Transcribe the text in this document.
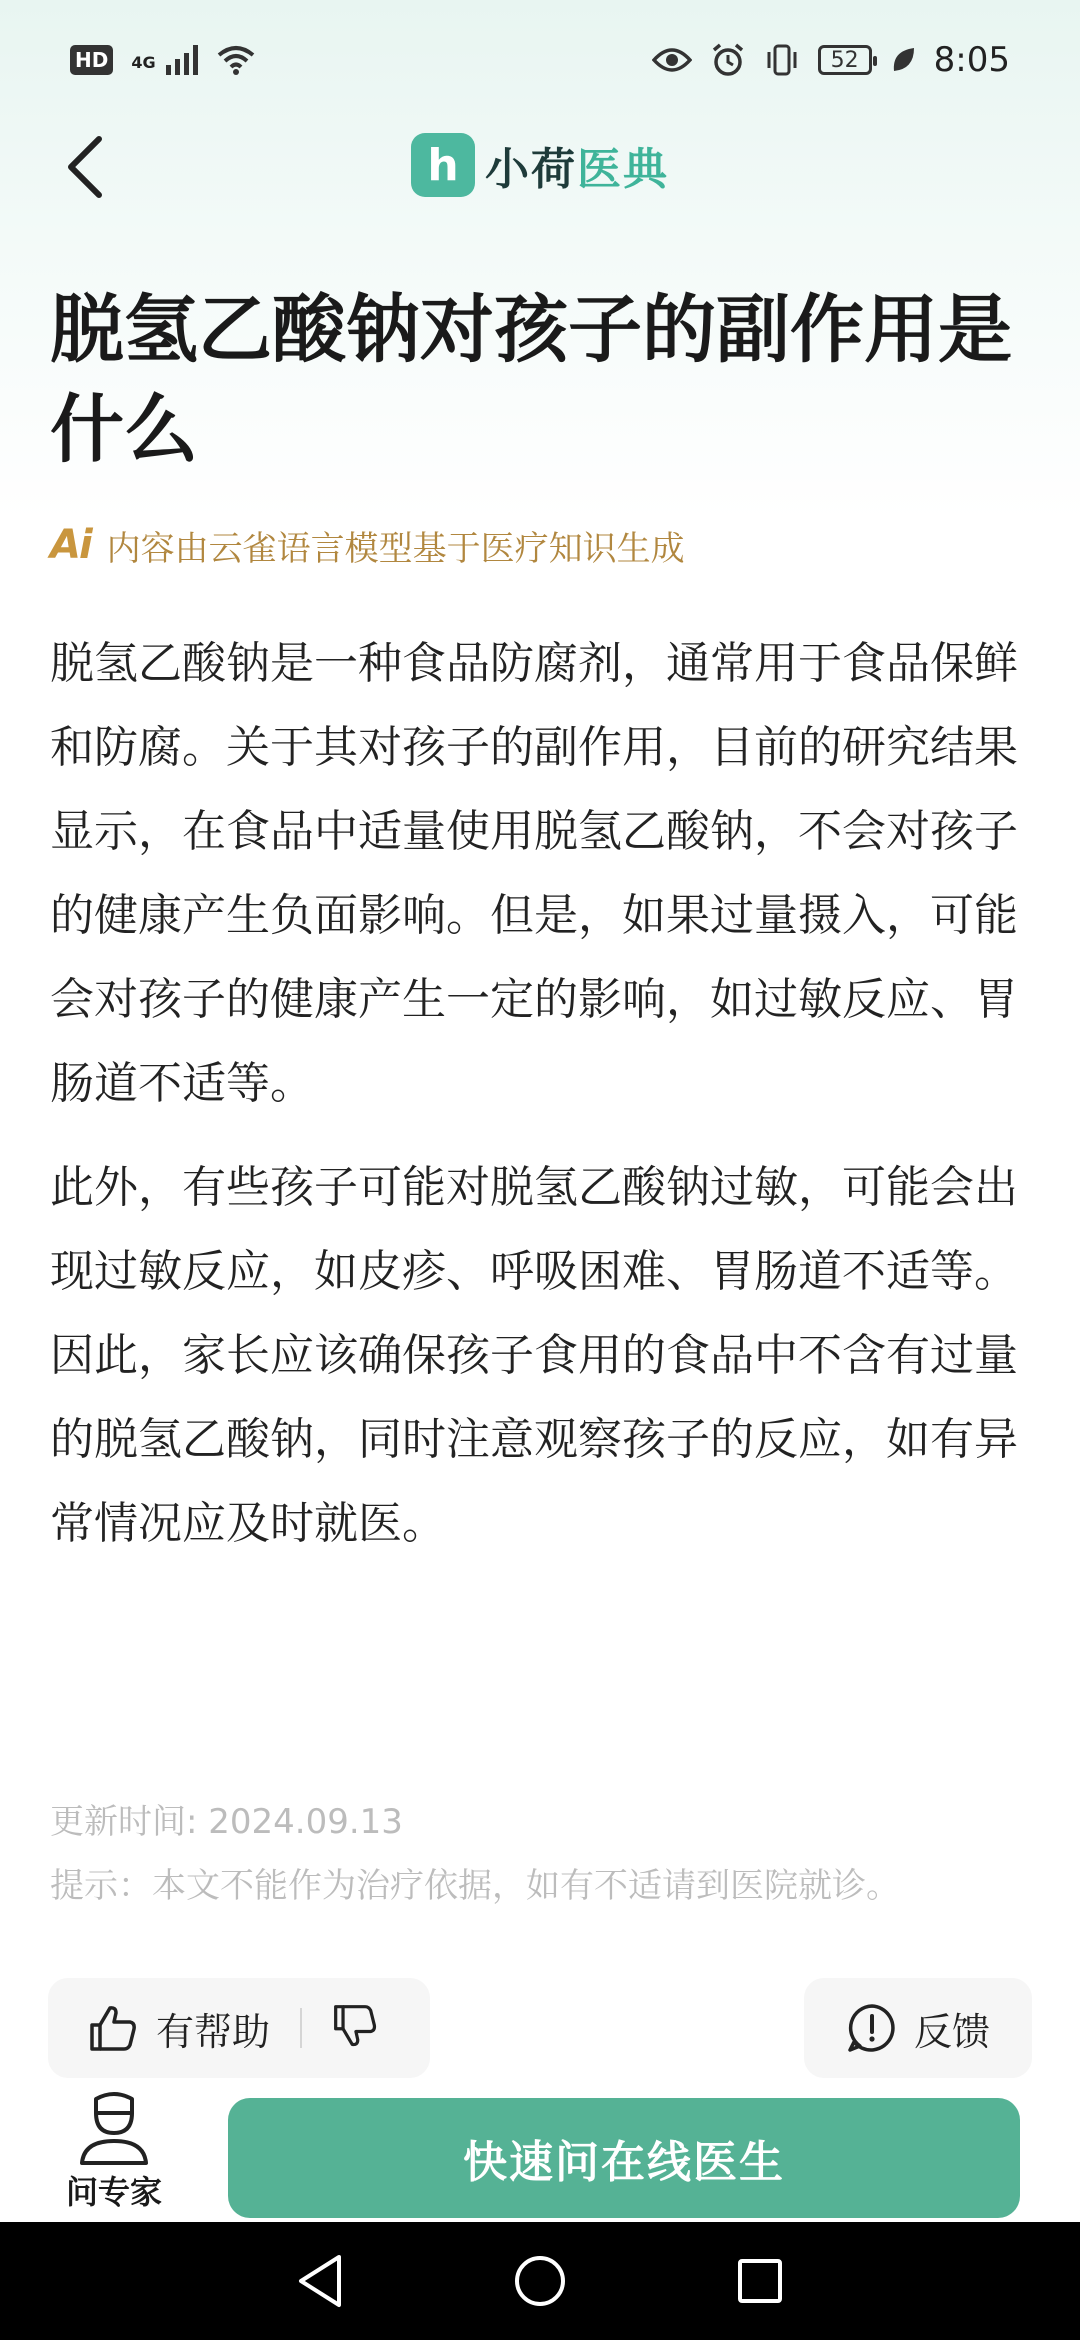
HD	4G	52	8:05
h 小荷医典
脱氢乙酸钠对孩子的副作用是什么
Ai 内容由云雀语言模型基于医疗知识生成

脱氢乙酸钠是一种食品防腐剂，通常用于食品保鲜和防腐。关于其对孩子的副作用，目前的研究结果显示，在食品中适量使用脱氢乙酸钠，不会对孩子的健康产生负面影响。但是，如果过量摄入，可能会对孩子的健康产生一定的影响，如过敏反应、胃肠道不适等。

此外，有些孩子可能对脱氢乙酸钠过敏，可能会出现过敏反应，如皮疹、呼吸困难、胃肠道不适等。因此，家长应该确保孩子食用的食品中不含有过量的脱氢乙酸钠，同时注意观察孩子的反应，如有异常情况应及时就医。

更新时间: 2024.09.13
提示：本文不能作为治疗依据，如有不适请到医院就诊。
有帮助	反馈
问专家
快速问在线医生
